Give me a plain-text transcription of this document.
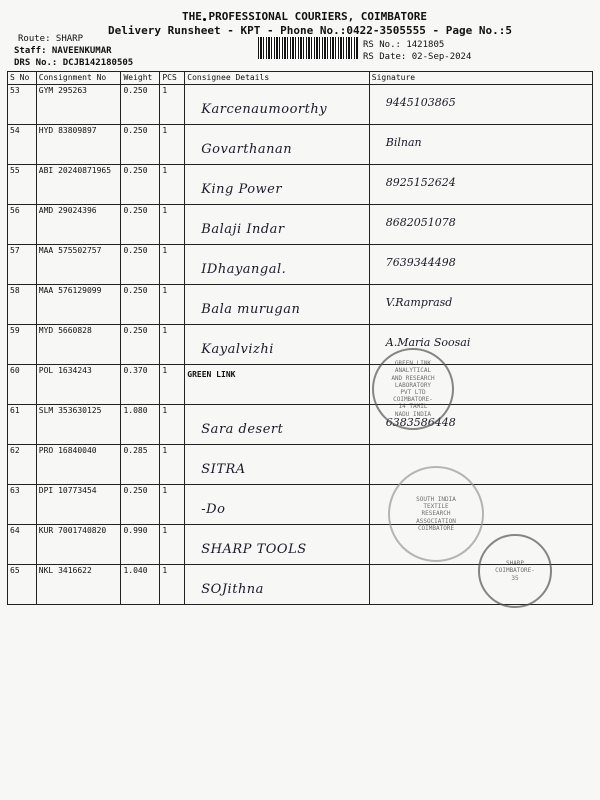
THE PROFESSIONAL COURIERS, COIMBATORE
Delivery Runsheet - KPT - Phone No.:0422-3505555 - Page No.:5
Route: SHARP
Staff: NAVEENKUMAR
DRS No.: DCJB142180505
RS No.: 1421805
RS Date: 02-Sep-2024
S No	Consignment No	Weight	PCS	Consignee Details	Signature
53	GYM 295263	0.250	1	Karcenaumoorthy	9445103865

54	HYD 83809897	0.250	1	Govarthanan	Bilnan

55	ABI 20240871965	0.250	1	King Power	8925152624

56	AMD 29024396	0.250	1	Balaji Indar	8682051078

57	MAA 575502757	0.250	1	IDhayangal.	7639344498

58	MAA 576129099	0.250	1	Bala murugan	V.Ramprasd

59	MYD 5660828	0.250	1	Kayalvizhi	A.Maria Soosai

60	POL 1634243	0.370	1	GREEN LINK	

61	SLM 353630125	1.080	1	Sara desert	6383586448

62	PRO 16840040	0.285	1	SITRA	

63	DPI 10773454	0.250	1	-Do	

64	KUR 7001740820	0.990	1	SHARP TOOLS	

65	NKL 3416622	1.040	1	SOJithna	

GREEN LINK ANALYTICAL AND RESEARCH LABORATORY PVT LTD COIMBATORE-14 TAMIL NADU INDIA
SOUTH INDIA TEXTILE RESEARCH ASSOCIATION COIMBATORE
SHARP COIMBATORE-35
